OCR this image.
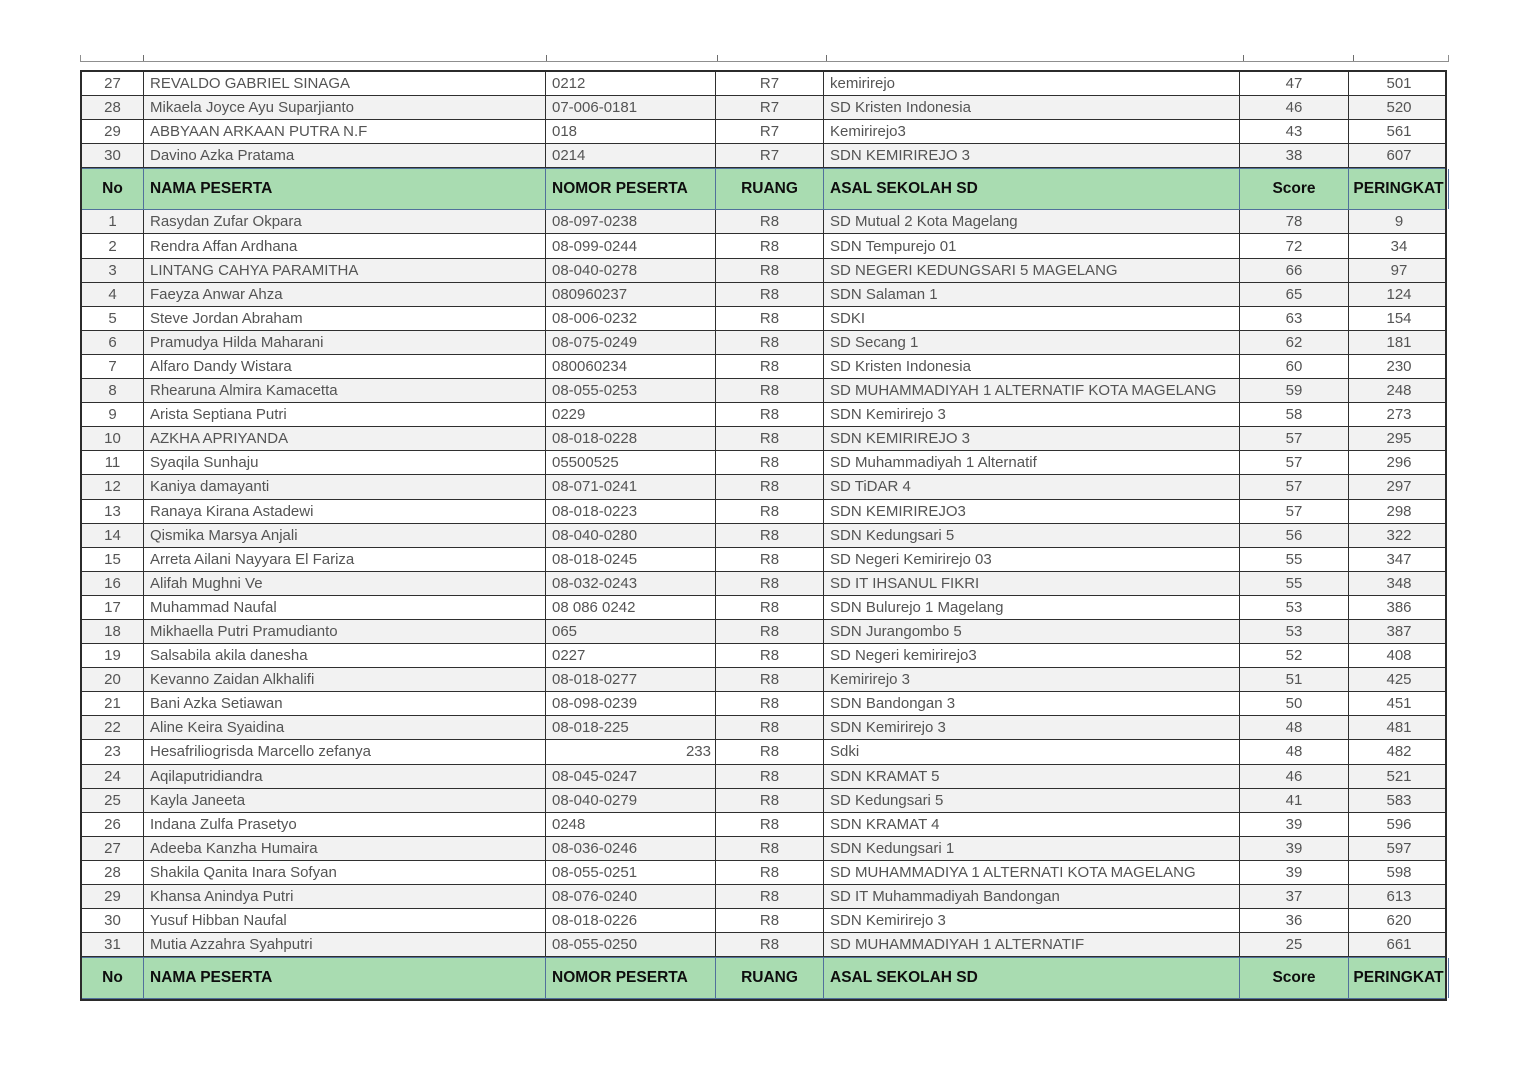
27	REVALDO GABRIEL SINAGA	0212	R7	kemirirejo	47	501
28	Mikaela Joyce Ayu Suparjianto	07-006-0181	R7	SD Kristen Indonesia	46	520
29	ABBYAAN ARKAAN PUTRA N.F	018	R7	Kemirirejo3	43	561
30	Davino Azka Pratama	0214	R7	SDN KEMIRIREJO 3	38	607
No	NAMA PESERTA	NOMOR PESERTA	RUANG	ASAL SEKOLAH SD	Score	PERINGKAT
1	Rasydan Zufar Okpara	08-097-0238	R8	SD Mutual 2 Kota Magelang	78	9
2	Rendra Affan Ardhana	08-099-0244	R8	SDN Tempurejo 01	72	34
3	LINTANG CAHYA PARAMITHA	08-040-0278	R8	SD NEGERI KEDUNGSARI 5 MAGELANG	66	97
4	Faeyza Anwar Ahza	080960237	R8	SDN Salaman 1	65	124
5	Steve Jordan Abraham	08-006-0232	R8	SDKI	63	154
6	Pramudya Hilda Maharani	08-075-0249	R8	SD Secang 1	62	181
7	Alfaro Dandy Wistara	080060234	R8	SD Kristen Indonesia	60	230
8	Rhearuna Almira Kamacetta	08-055-0253	R8	SD MUHAMMADIYAH 1 ALTERNATIF KOTA MAGELANG	59	248
9	Arista Septiana Putri	0229	R8	SDN Kemirirejo 3	58	273
10	AZKHA APRIYANDA	08-018-0228	R8	SDN KEMIRIREJO 3	57	295
11	Syaqila Sunhaju	05500525	R8	SD Muhammadiyah 1 Alternatif	57	296
12	Kaniya damayanti	08-071-0241	R8	SD TiDAR 4	57	297
13	Ranaya Kirana Astadewi	08-018-0223	R8	SDN KEMIRIREJO3	57	298
14	Qismika Marsya Anjali	08-040-0280	R8	SDN Kedungsari 5	56	322
15	Arreta Ailani Nayyara El Fariza	08-018-0245	R8	SD Negeri Kemirirejo 03	55	347
16	Alifah Mughni Ve	08-032-0243	R8	SD IT IHSANUL FIKRI	55	348
17	Muhammad Naufal	08 086 0242	R8	SDN Bulurejo 1 Magelang	53	386
18	Mikhaella Putri Pramudianto	065	R8	SDN Jurangombo 5	53	387
19	Salsabila akila danesha	0227	R8	SD Negeri kemirirejo3	52	408
20	Kevanno Zaidan Alkhalifi	08-018-0277	R8	Kemirirejo 3	51	425
21	Bani Azka Setiawan	08-098-0239	R8	SDN Bandongan 3	50	451
22	Aline Keira Syaidina	08-018-225	R8	SDN Kemirirejo 3	48	481
23	Hesafriliogrisda Marcello zefanya	233	R8	Sdki	48	482
24	Aqilaputridiandra	08-045-0247	R8	SDN KRAMAT 5	46	521
25	Kayla Janeeta	08-040-0279	R8	SD Kedungsari 5	41	583
26	Indana Zulfa Prasetyo	0248	R8	SDN KRAMAT 4	39	596
27	Adeeba Kanzha Humaira	08-036-0246	R8	SDN Kedungsari 1	39	597
28	Shakila Qanita Inara Sofyan	08-055-0251	R8	SD MUHAMMADIYA 1 ALTERNATI KOTA MAGELANG	39	598
29	Khansa Anindya Putri	08-076-0240	R8	SD IT Muhammadiyah Bandongan	37	613
30	Yusuf Hibban Naufal	08-018-0226	R8	SDN Kemirirejo 3	36	620
31	Mutia Azzahra Syahputri	08-055-0250	R8	SD MUHAMMADIYAH 1 ALTERNATIF	25	661
No	NAMA PESERTA	NOMOR PESERTA	RUANG	ASAL SEKOLAH SD	Score	PERINGKAT
